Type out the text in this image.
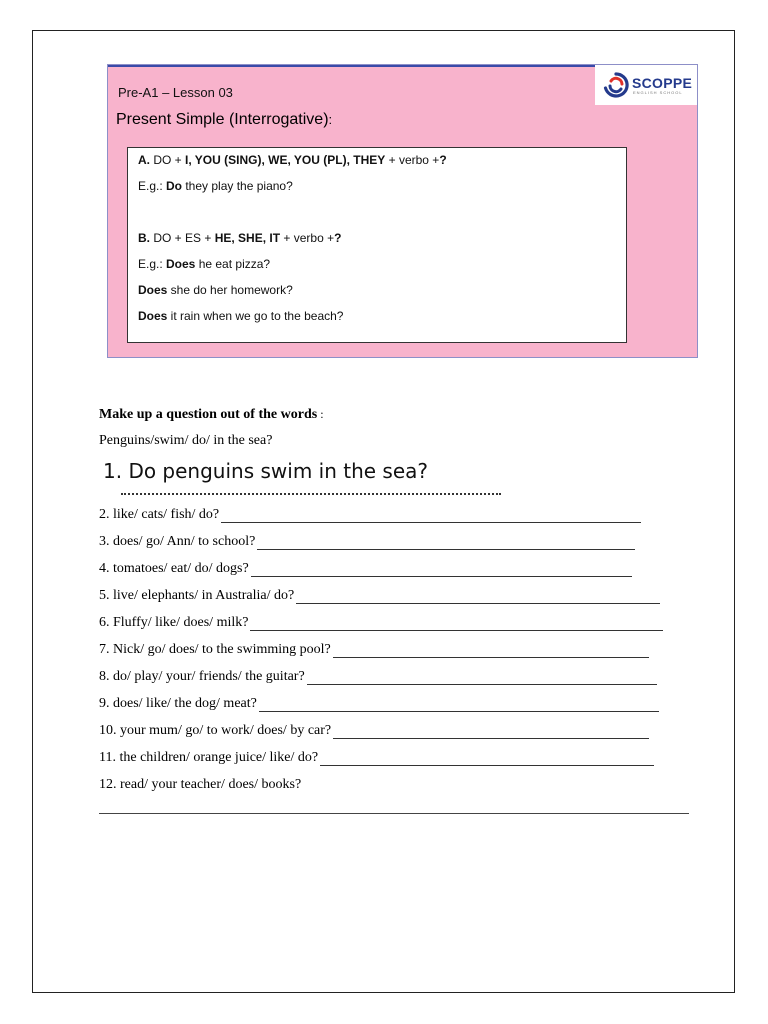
Pre-A1 – Lesson 03
Present Simple (Interrogative):
SCOPPE
ENGLISH SCHOOL
A. DO + I, YOU (SING), WE, YOU (PL), THEY + verbo +?
E.g.: Do they play the piano?
B. DO + ES + HE, SHE, IT + verbo +?
E.g.: Does he eat pizza?
Does she do her homework?
Does it rain when we go to the beach?
Make up a question out of the words :
Penguins/swim/ do/ in the sea?
1. Do penguins swim in the sea?
2. like/ cats/ fish/ do?
3. does/ go/ Ann/ to school?
4. tomatoes/ eat/ do/ dogs?
5. live/ elephants/ in Australia/ do?
6. Fluffy/ like/ does/ milk?
7. Nick/ go/ does/ to the swimming pool?
8. do/ play/ your/ friends/ the guitar?
9. does/ like/ the dog/ meat?
10. your mum/ go/ to work/ does/ by car?
11. the children/ orange juice/ like/ do?
12. read/ your teacher/ does/ books?
